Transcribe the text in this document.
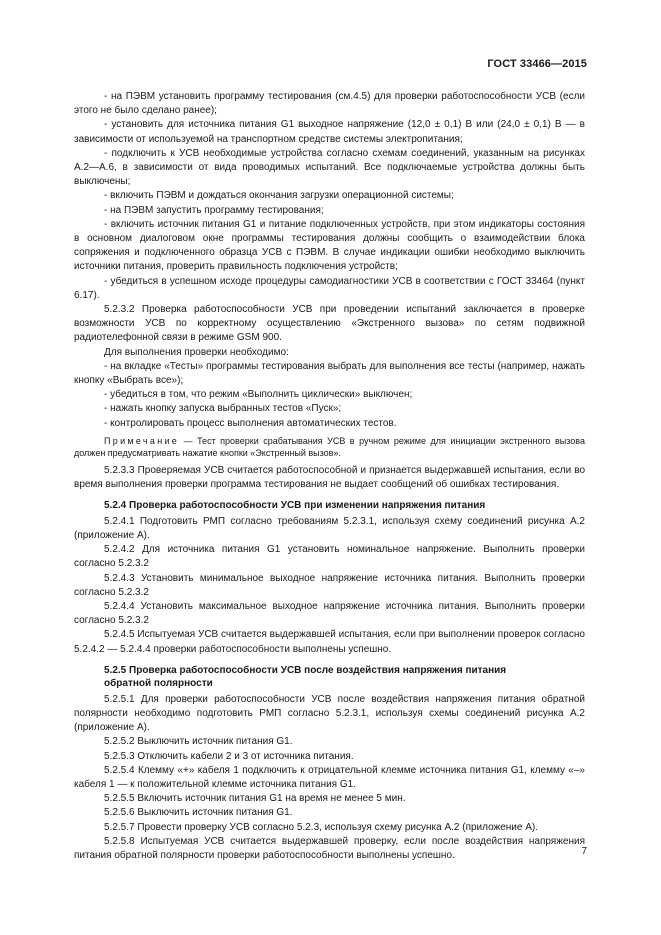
ГОСТ 33466—2015

- на ПЭВМ установить программу тестирования (см.4.5) для проверки работоспособности УСВ (если этого не было сделано ранее);

- установить для источника питания G1 выходное напряжение (12,0 ± 0,1) В или (24,0 ± 0,1) В — в зависимости от используемой на транспортном средстве системы электропитания;

- подключить к УСВ необходимые устройства согласно схемам соединений, указанным на рисунках А.2—А.6, в зависимости от вида проводимых испытаний. Все подключаемые устройства должны быть выключены;

- включить ПЭВМ и дождаться окончания загрузки операционной системы;

- на ПЭВМ запустить программу тестирования;

- включить источник питания G1 и питание подключенных устройств, при этом индикаторы состояния в основном диалоговом окне программы тестирования должны сообщить о взаимодействии блока сопряжения и подключенного образца УСВ с ПЭВМ. В случае индикации ошибки необходимо выключить источники питания, проверить правильность подключения устройств;

- убедиться в успешном исходе процедуры самодиагностики УСВ в соответствии с ГОСТ 33464 (пункт 6.17).

5.2.3.2 Проверка работоспособности УСВ при проведении испытаний заключается в проверке возможности УСВ по корректному осуществлению «Экстренного вызова» по сетям подвижной радиотелефонной связи в режиме GSM 900.

Для выполнения проверки необходимо:

- на вкладке «Тесты» программы тестирования выбрать для выполнения все тесты (например, нажать кнопку «Выбрать все»);

- убедиться в том, что режим «Выполнить циклически» выключен;

- нажать кнопку запуска выбранных тестов «Пуск»;

- контролировать процесс выполнения автоматических тестов.

Примечание — Тест проверки срабатывания УСВ в ручном режиме для инициации экстренного вызова должен предусматривать нажатие кнопки «Экстренный вызов».

5.2.3.3 Проверяемая УСВ считается работоспособной и признается выдержавшей испытания, если во время выполнения проверки программа тестирования не выдает сообщений об ошибках тестирования.

5.2.4 Проверка работоспособности УСВ при изменении напряжения питания

5.2.4.1 Подготовить РМП согласно требованиям 5.2.3.1, используя схему соединений рисунка А.2 (приложение А).

5.2.4.2 Для источника питания G1 установить номинальное напряжение. Выполнить проверки согласно 5.2.3.2

5.2.4.3 Установить минимальное выходное напряжение источника питания. Выполнить проверки согласно 5.2.3.2

5.2.4.4 Установить максимальное выходное напряжение источника питания. Выполнить проверки согласно 5.2.3.2

5.2.4.5 Испытуемая УСВ считается выдержавшей испытания, если при выполнении проверок согласно 5.2.4.2 — 5.2.4.4 проверки работоспособности выполнены успешно.

5.2.5 Проверка работоспособности УСВ после воздействия напряжения питания
обратной полярности

5.2.5.1 Для проверки работоспособности УСВ после воздействия напряжения питания обратной полярности необходимо подготовить РМП согласно 5.2.3.1, используя схемы соединений рисунка А.2 (приложение А).

5.2.5.2 Выключить источник питания G1.

5.2.5.3 Отключить кабели 2 и 3 от источника питания.

5.2.5.4 Клемму «+» кабеля 1 подключить к отрицательной клемме источника питания G1, клемму «–» кабеля 1 — к положительной клемме источника питания G1.

5.2.5.5 Включить источник питания G1 на время не менее 5 мин.

5.2.5.6 Выключить источник питания G1.

5.2.5.7 Провести проверку УСВ согласно 5.2.3, используя схему рисунка А.2 (приложение А).

5.2.5.8 Испытуемая УСВ считается выдержавшей проверку, если после воздействия напряжения питания обратной полярности проверки работоспособности выполнены успешно.	7
